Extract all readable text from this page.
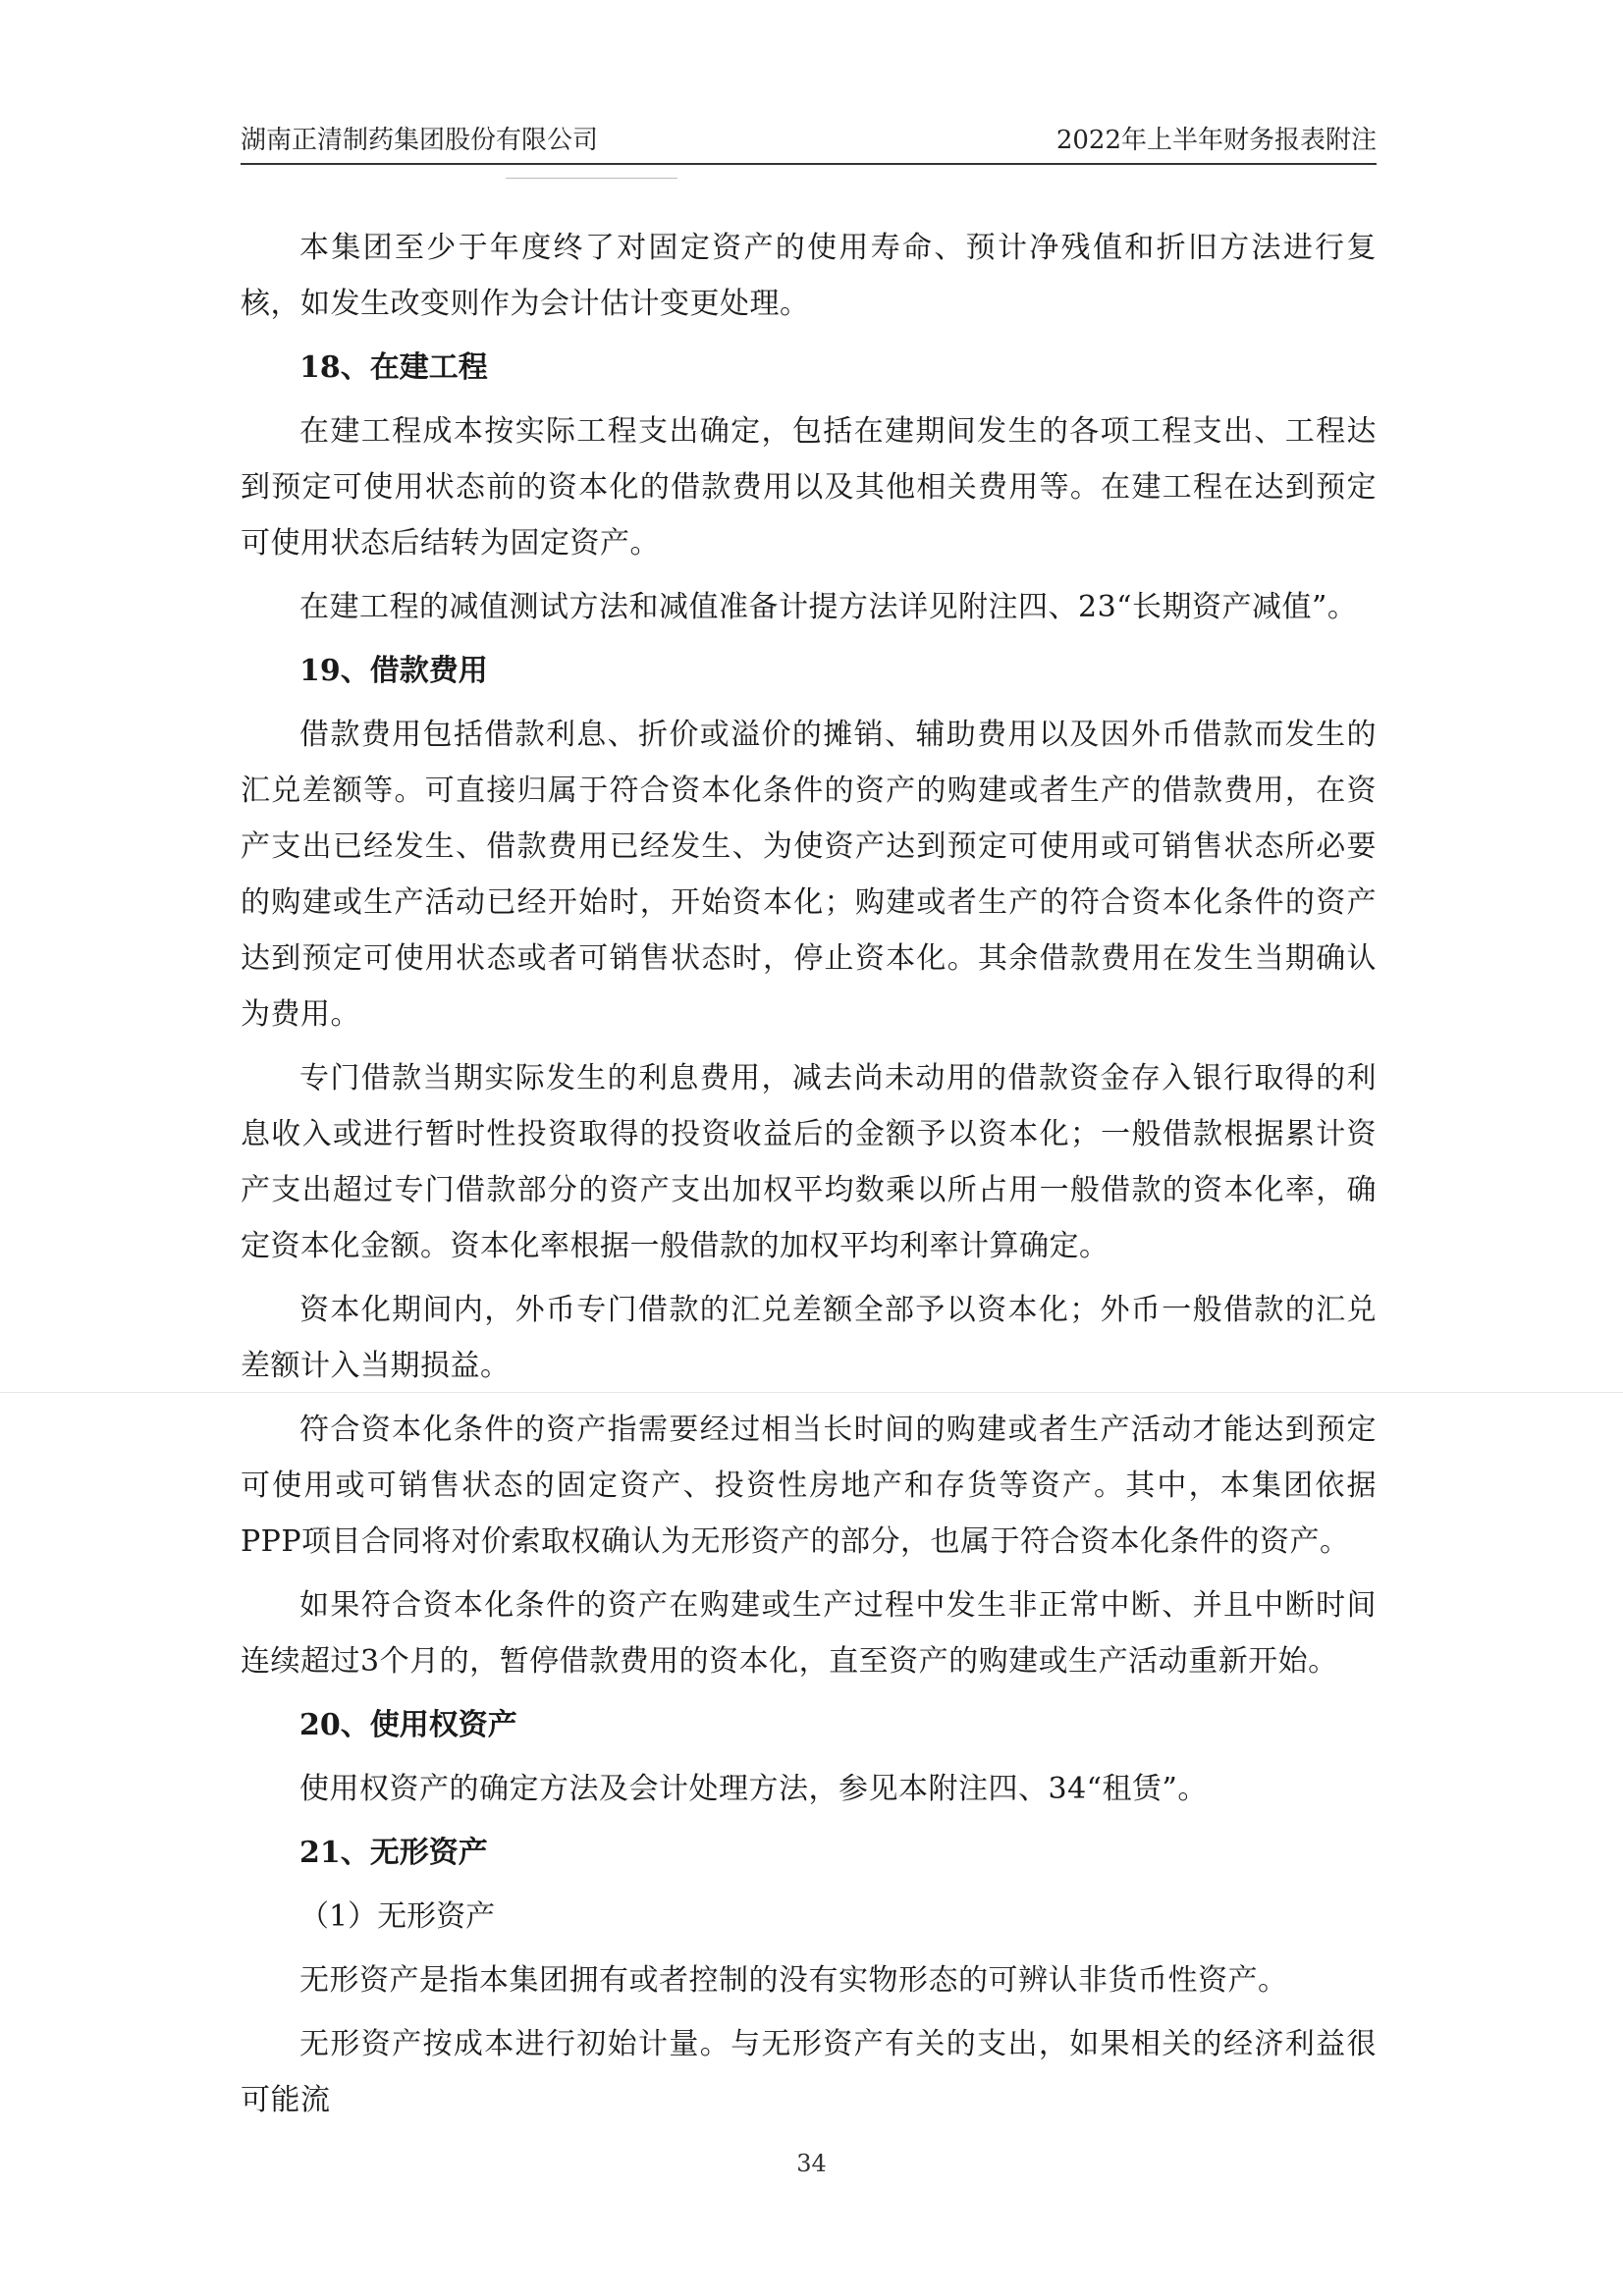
湖南正清制药集团股份有限公司	2022年上半年财务报表附注

本集团至少于年度终了对固定资产的使用寿命、预计净残值和折旧方法进行复核，如发生改变则作为会计估计变更处理。

18、在建工程

在建工程成本按实际工程支出确定，包括在建期间发生的各项工程支出、工程达到预定可使用状态前的资本化的借款费用以及其他相关费用等。在建工程在达到预定可使用状态后结转为固定资产。

在建工程的减值测试方法和减值准备计提方法详见附注四、23“长期资产减值”。

19、借款费用

借款费用包括借款利息、折价或溢价的摊销、辅助费用以及因外币借款而发生的汇兑差额等。可直接归属于符合资本化条件的资产的购建或者生产的借款费用，在资产支出已经发生、借款费用已经发生、为使资产达到预定可使用或可销售状态所必要的购建或生产活动已经开始时，开始资本化；购建或者生产的符合资本化条件的资产达到预定可使用状态或者可销售状态时，停止资本化。其余借款费用在发生当期确认为费用。

专门借款当期实际发生的利息费用，减去尚未动用的借款资金存入银行取得的利息收入或进行暂时性投资取得的投资收益后的金额予以资本化；一般借款根据累计资产支出超过专门借款部分的资产支出加权平均数乘以所占用一般借款的资本化率，确定资本化金额。资本化率根据一般借款的加权平均利率计算确定。

资本化期间内，外币专门借款的汇兑差额全部予以资本化；外币一般借款的汇兑差额计入当期损益。

符合资本化条件的资产指需要经过相当长时间的购建或者生产活动才能达到预定可使用或可销售状态的固定资产、投资性房地产和存货等资产。其中，本集团依据PPP项目合同将对价索取权确认为无形资产的部分，也属于符合资本化条件的资产。

如果符合资本化条件的资产在购建或生产过程中发生非正常中断、并且中断时间连续超过3个月的，暂停借款费用的资本化，直至资产的购建或生产活动重新开始。

20、使用权资产

使用权资产的确定方法及会计处理方法，参见本附注四、34“租赁”。

21、无形资产

（1）无形资产

无形资产是指本集团拥有或者控制的没有实物形态的可辨认非货币性资产。

无形资产按成本进行初始计量。与无形资产有关的支出，如果相关的经济利益很可能流

34
